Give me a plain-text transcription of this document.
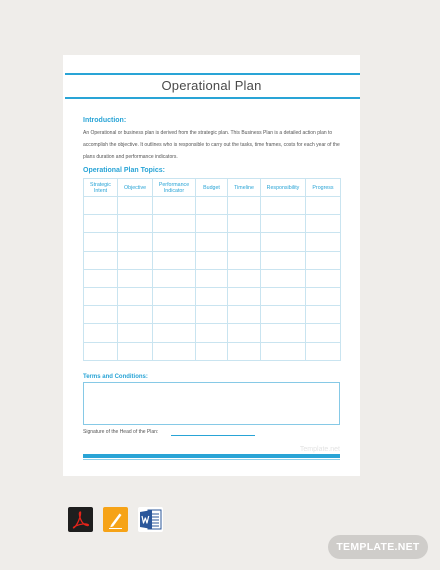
Operational Plan
Introduction:
An Operational or business plan is derived from the strategic plan. This Business Plan is a detailed action plan to accomplish the objective. It outlines who is responsible to carry out the tasks, time frames, costs for each year of the plans duration and performance indicators.
Operational Plan Topics:
Strategic Intent	Objective	Performance Indicator	Budget	Timeline	Responsibility	Progress

Terms and Conditions:
Signature of the Head of the Plan:
Template.net
TEMPLATE.NET
